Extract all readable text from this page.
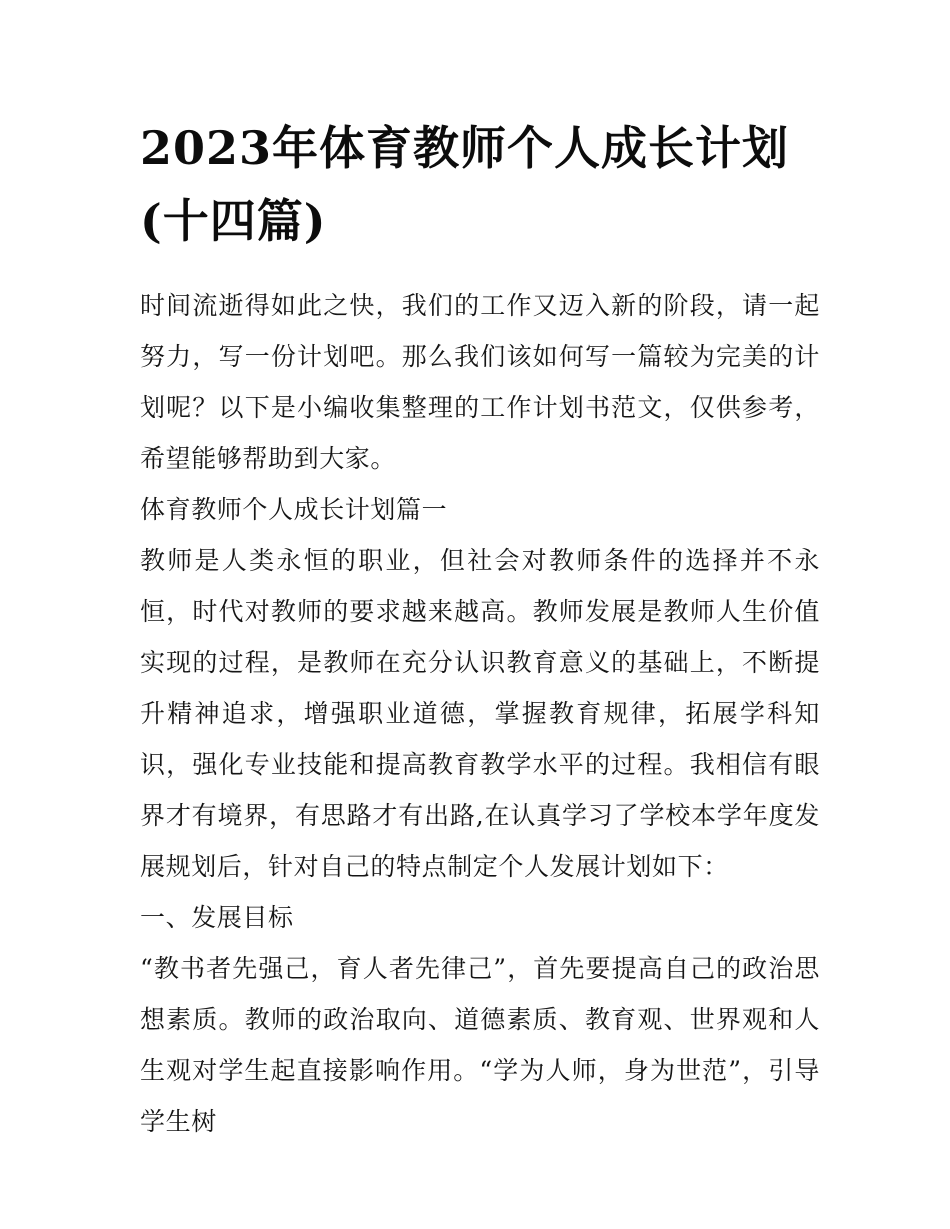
2023年体育教师个人成长计划(十四篇)

时间流逝得如此之快，我们的工作又迈入新的阶段，请一起努力，写一份计划吧。那么我们该如何写一篇较为完美的计划呢？以下是小编收集整理的工作计划书范文，仅供参考，希望能够帮助到大家。

体育教师个人成长计划篇一

教师是人类永恒的职业，但社会对教师条件的选择并不永恒，时代对教师的要求越来越高。教师发展是教师人生价值实现的过程，是教师在充分认识教育意义的基础上，不断提升精神追求，增强职业道德，掌握教育规律，拓展学科知识，强化专业技能和提高教育教学水平的过程。我相信有眼界才有境界，有思路才有出路,在认真学习了学校本学年度发展规划后，针对自己的特点制定个人发展计划如下：

一、发展目标

“教书者先强己，育人者先律己”，首先要提高自己的政治思想素质。教师的政治取向、道德素质、教育观、世界观和人生观对学生起直接影响作用。“学为人师，身为世范”，引导学生树
